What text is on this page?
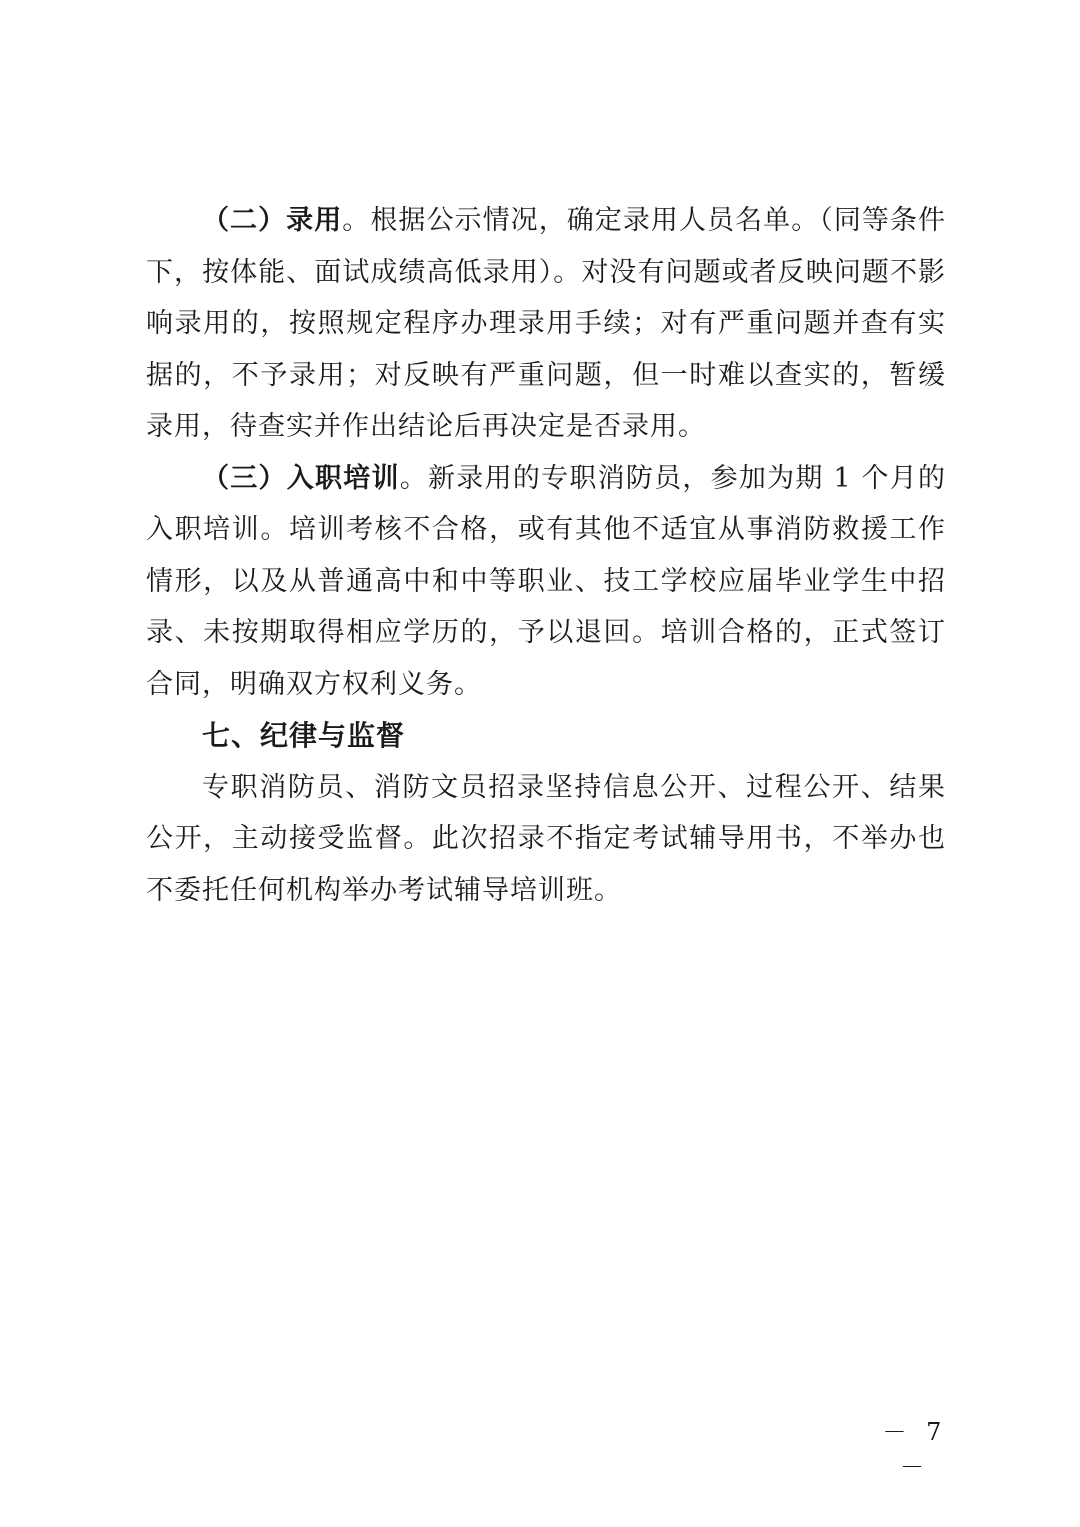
（二）录用。根据公示情况，确定录用人员名单。（同等条件下，按体能、面试成绩高低录用）。对没有问题或者反映问题不影响录用的，按照规定程序办理录用手续；对有严重问题并查有实据的，不予录用；对反映有严重问题，但一时难以查实的，暂缓录用，待查实并作出结论后再决定是否录用。

（三）入职培训。新录用的专职消防员，参加为期 1 个月的入职培训。培训考核不合格，或有其他不适宜从事消防救援工作情形，以及从普通高中和中等职业、技工学校应届毕业学生中招录、未按期取得相应学历的，予以退回。培训合格的，正式签订合同，明确双方权利义务。

七、纪律与监督

专职消防员、消防文员招录坚持信息公开、过程公开、结果公开，主动接受监督。此次招录不指定考试辅导用书，不举办也不委托任何机构举办考试辅导培训班。

－ 7 －
